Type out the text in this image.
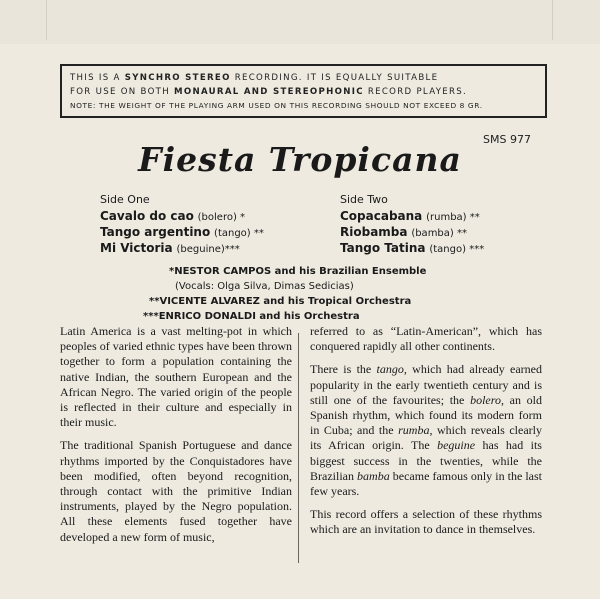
THIS IS A SYNCHRO STEREO RECORDING. IT IS EQUALLY SUITABLE
FOR USE ON BOTH MONAURAL AND STEREOPHONIC RECORD PLAYERS.
NOTE: THE WEIGHT OF THE PLAYING ARM USED ON THIS RECORDING SHOULD NOT EXCEED 8 GR.
SMS 977
Fiesta Tropicana
Side One
Cavalo do cao (bolero) *
Tango argentino (tango) **
Mi Victoria (beguine)***
Side Two
Copacabana (rumba) **
Riobamba (bamba) **
Tango Tatina (tango) ***
*NESTOR CAMPOS and his Brazilian Ensemble
(Vocals: Olga Silva, Dimas Sedicias)
**VICENTE ALVAREZ and his Tropical Orchestra
***ENRICO DONALDI and his Orchestra

Latin America is a vast melting-pot in which peoples of varied ethnic types have been thrown together to form a population containing the native Indian, the southern European and the African Negro. The varied origin of the people is reflected in their culture and especially in their music.

The traditional Spanish Portuguese and dance rhythms imported by the Conquistadores have been modified, often beyond recognition, through contact with the primitive Indian instruments, played by the Negro population. All these elements fused together have developed a new form of music,

referred to as “Latin-American”, which has conquered rapidly all other continents.

There is the tango, which had already earned popularity in the early twentieth century and is still one of the favourites; the bolero, an old Spanish rhythm, which found its modern form in Cuba; and the rumba, which reveals clearly its African origin. The beguine has had its biggest success in the twenties, while the Brazilian bamba became famous only in the last few years.

This record offers a selection of these rhythms which are an invitation to dance in themselves.
